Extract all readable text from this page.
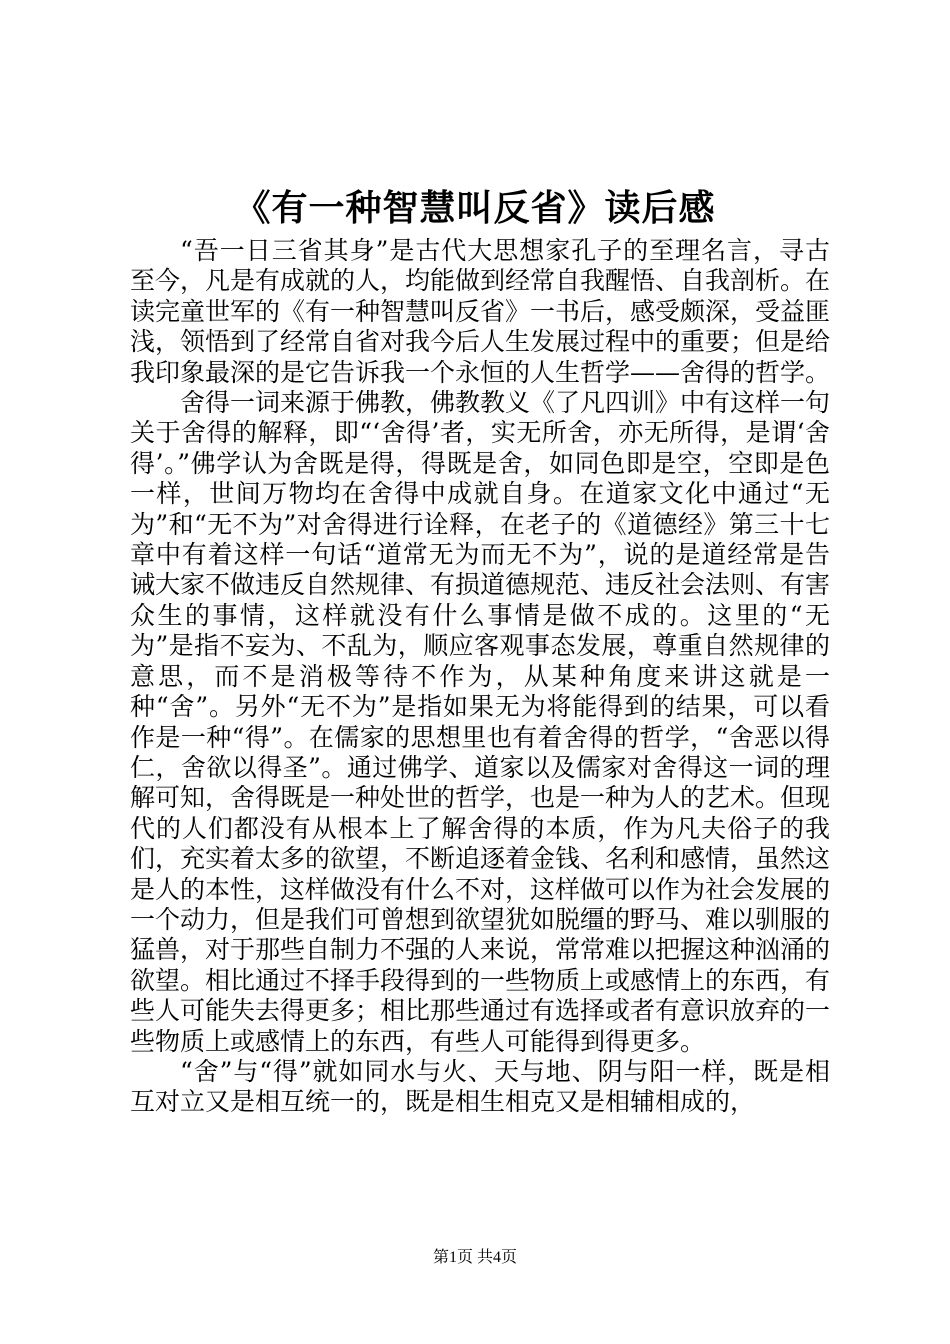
《有一种智慧叫反省》读后感

“吾一日三省其身”是古代大思想家孔子的至理名言，寻古至今，凡是有成就的人，均能做到经常自我醒悟、自我剖析。在读完童世军的《有一种智慧叫反省》一书后，感受颇深，受益匪浅，领悟到了经常自省对我今后人生发展过程中的重要；但是给我印象最深的是它告诉我一个永恒的人生哲学——舍得的哲学。

舍得一词来源于佛教，佛教教义《了凡四训》中有这样一句关于舍得的解释，即“‘舍得’者，实无所舍，亦无所得，是谓‘舍得’。”佛学认为舍既是得，得既是舍，如同色即是空，空即是色一样，世间万物均在舍得中成就自身。在道家文化中通过“无为”和“无不为”对舍得进行诠释，在老子的《道德经》第三十七章中有着这样一句话“道常无为而无不为”，说的是道经常是告诫大家不做违反自然规律、有损道德规范、违反社会法则、有害众生的事情，这样就没有什么事情是做不成的。这里的“无为”是指不妄为、不乱为，顺应客观事态发展，尊重自然规律的意思，而不是消极等待不作为，从某种角度来讲这就是一种“舍”。另外“无不为”是指如果无为将能得到的结果，可以看作是一种“得”。在儒家的思想里也有着舍得的哲学，“舍恶以得仁，舍欲以得圣”。通过佛学、道家以及儒家对舍得这一词的理解可知，舍得既是一种处世的哲学，也是一种为人的艺术。但现代的人们都没有从根本上了解舍得的本质，作为凡夫俗子的我们，充实着太多的欲望，不断追逐着金钱、名利和感情，虽然这是人的本性，这样做没有什么不对，这样做可以作为社会发展的一个动力，但是我们可曾想到欲望犹如脱缰的野马、难以驯服的猛兽，对于那些自制力不强的人来说，常常难以把握这种汹涌的欲望。相比通过不择手段得到的一些物质上或感情上的东西，有些人可能失去得更多；相比那些通过有选择或者有意识放弃的一些物质上或感情上的东西，有些人可能得到得更多。

“舍”与“得”就如同水与火、天与地、阴与阳一样，既是相互对立又是相互统一的，既是相生相克又是相辅相成的，

第1页 共4页
